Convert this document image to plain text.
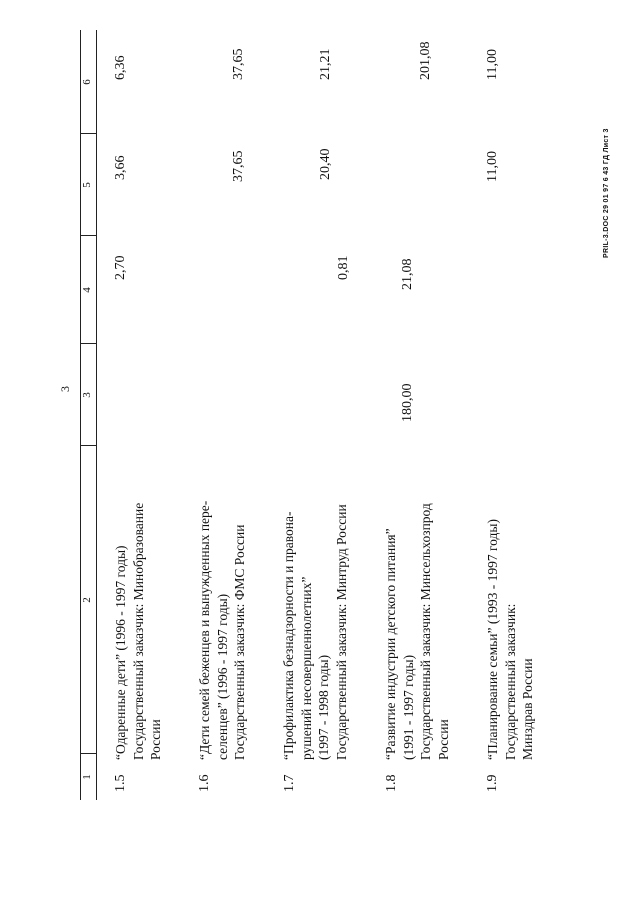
3
1
2
3
4
5
6
1.5
“Одаренные дети” (1996 - 1997 годы) Государственный заказчик: Минобразование России
2,70
3,66
6,36
1.6
“Дети семей беженцев и вынужденных пере- селенцев” (1996 - 1997 годы) Государственный заказчик: ФМС России
37,65
37,65
1.7
“Профилактика безнадзорности и правона- рушений несовершеннолетних” (1997 - 1998 годы) Государственный заказчик: Минтруд России
0,81
20,40
21,21
1.8
“Развитие индустрии детского питания” (1991 - 1997 годы) Государственный заказчик: Минсельхозпрод России
180,00
21,08
201,08
1.9
“Планирование семьи” (1993 - 1997 годы) Государственный заказчик: Минздрав России
11,00
11,00
PRIL-3.DOC 29 01 97 6 43 ГД Лист 3
